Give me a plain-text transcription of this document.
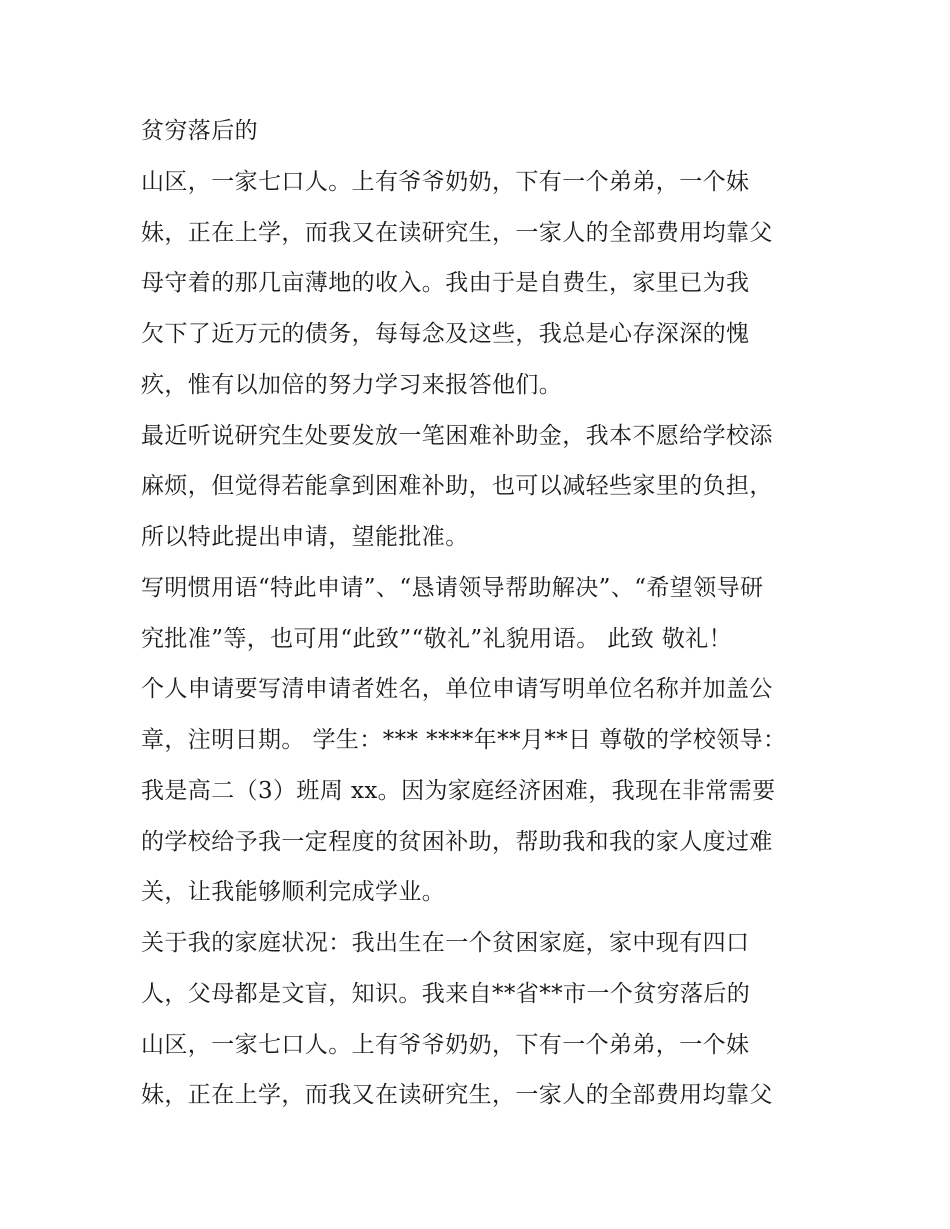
贫穷落后的
山区，一家七口人。上有爷爷奶奶，下有一个弟弟，一个妹
妹，正在上学，而我又在读研究生，一家人的全部费用均靠父
母守着的那几亩薄地的收入。我由于是自费生，家里已为我
欠下了近万元的债务，每每念及这些，我总是心存深深的愧
疚，惟有以加倍的努力学习来报答他们。
最近听说研究生处要发放一笔困难补助金，我本不愿给学校添
麻烦，但觉得若能拿到困难补助，也可以减轻些家里的负担，
所以特此提出申请，望能批准。
写明惯用语“特此申请”、“恳请领导帮助解决”、“希望领导研
究批准”等，也可用“此致”“敬礼”礼貌用语。 此致 敬礼！
个人申请要写清申请者姓名，单位申请写明单位名称并加盖公
章，注明日期。 学生：*** ****年**月**日 尊敬的学校领导：
我是高二（3）班周 xx。因为家庭经济困难，我现在非常需要
的学校给予我一定程度的贫困补助，帮助我和我的家人度过难
关，让我能够顺利完成学业。
关于我的家庭状况：我出生在一个贫困家庭，家中现有四口
人，父母都是文盲，知识。我来自**省**市一个贫穷落后的
山区，一家七口人。上有爷爷奶奶，下有一个弟弟，一个妹
妹，正在上学，而我又在读研究生，一家人的全部费用均靠父
